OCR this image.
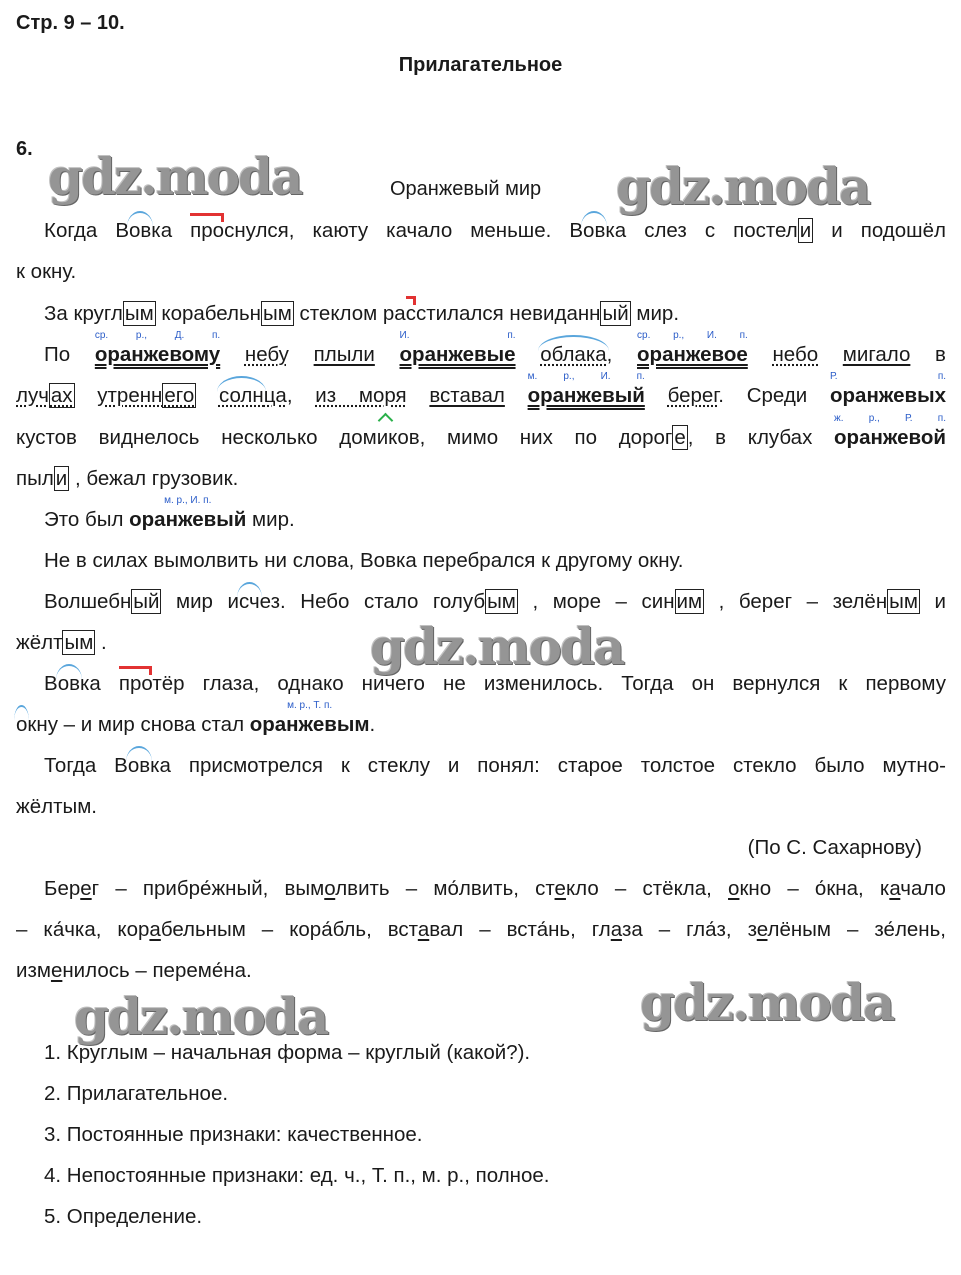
Стр. 9 – 10.
Прилагательное
6.
Оранжевый мир
gdz.moda	gdz.moda
gdz.moda
gdz.moda	gdz.moda
Когда Вовка проснулся, каюту качало меньше. Вовка слез с постели и подошёл
к окну.
За круглым корабельным стеклом расстилался невиданный мир.
По
ср. р., Д. п.
оранжевому небу плыли
И. п.
оранжевые облака,
ср. р., И. п.
оранжевое небо мигало в
лучах утреннего солнца, из моря вставал
м. р., И. п.
оранжевый берег. Среди
Р. п.
оранжевых
кустов виднелось несколько домиков, мимо них по дороге, в клубах
ж. р., Р. п.
оранжевой
пыли , бежал грузовик.
Это был
м. р., И. п.
оранжевый мир.
Не в силах вымолвить ни слова, Вовка перебрался к другому окну.
Волшебный мир исчез. Небо стало голубым , море – синим , берег – зелёным и
жёлтым .
Вовка протёр глаза, однако ничего не изменилось. Тогда он вернулся к первому
окну – и мир снова стал
м. р., Т. п.
оранжевым.
Тогда Вовка присмотрелся к стеклу и понял: старое толстое стекло было мутно-
жёлтым.
(По С. Сахарнову)
Берег – прибре́жный, вымолвить – мо́лвить, стекло – стёкла, окно – о́кна, качало
– ка́чка, корабельным – кора́бль, вставал – вста́нь, глаза – гла́з, зелёным – зе́лень,
изменилось – переме́на.
1. Круглым – начальная форма – круглый (какой?).
2. Прилагательное.
3. Постоянные признаки: качественное.
4. Непостоянные признаки: ед. ч., Т. п., м. р., полное.
5. Определение.
